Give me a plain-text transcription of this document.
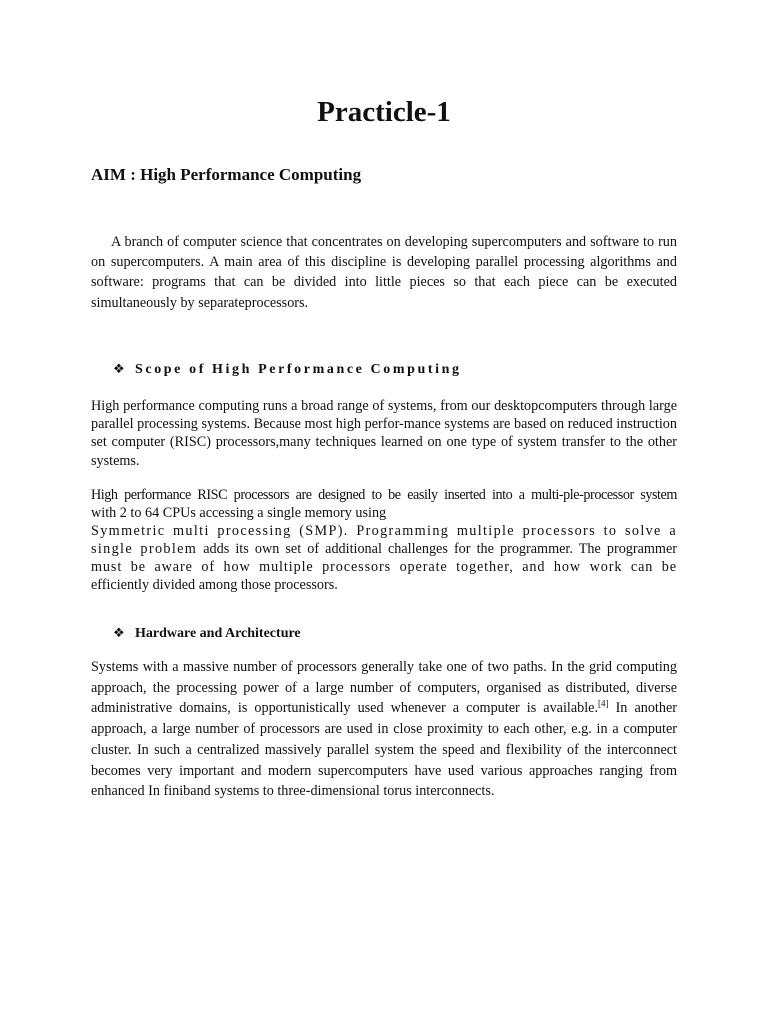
Practicle-1
AIM : High Performance Computing

A branch of computer science that concentrates on developing supercomputers and software to run on supercomputers. A main area of this discipline is developing parallel processing algorithms and software: programs that can be divided into little pieces so that each piece can be executed simultaneously by separateprocessors.

❖ Scope of High Performance Computing

High performance computing runs a broad range of systems, from our desktopcomputers through large parallel processing systems. Because most high perfor-mance systems are based on reduced instruction set computer (RISC) processors,many techniques learned on one type of system transfer to the other systems.

High performance RISC processors are designed to be easily inserted into a multi-ple-processor system
with 2 to 64 CPUs accessing a single memory using
Symmetric multi processing (SMP). Programming multiple processors to solve a single problem adds its own set of additional challenges for the programmer. The programmer must be aware of how multiple processors operate together, and how work can be efficiently divided among those processors.

❖ Hardware and Architecture

Systems with a massive number of processors generally take one of two paths. In the grid computing approach, the processing power of a large number of computers, organised as distributed, diverse administrative domains, is opportunistically used whenever a computer is available.[4] In another approach, a large number of processors are used in close proximity to each other, e.g. in a computer cluster. In such a centralized massively parallel system the speed and flexibility of the interconnect becomes very important and modern supercomputers have used various approaches ranging from enhanced In finiband systems to three-dimensional torus interconnects.
